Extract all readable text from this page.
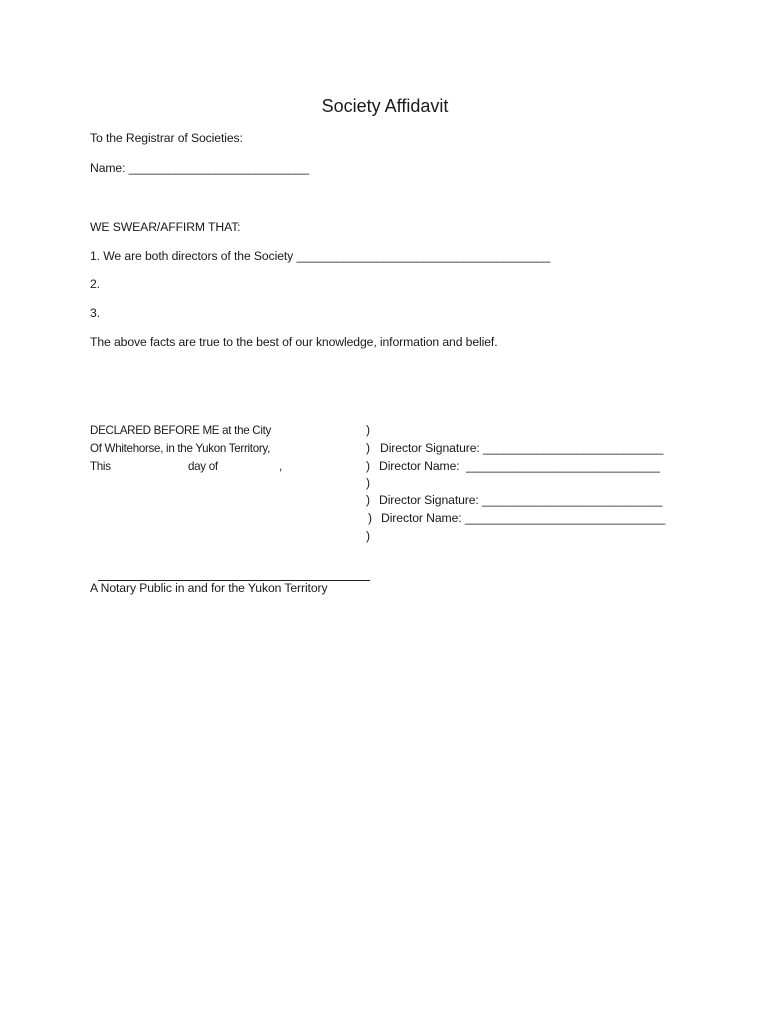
Society Affidavit
To the Registrar of Societies:
Name: ___________________________
WE SWEAR/AFFIRM THAT:
1. We are both directors of the Society ______________________________________
2.
3.
The above facts are true to the best of our knowledge, information and belief.
DECLARED BEFORE ME at the City
Of Whitehorse, in the Yukon Territory,
This	day of	,
)
)
)
)
)
)
)
Director Signature: ___________________________
Director Name:  _____________________________
Director Signature: ___________________________
Director Name: ______________________________
A Notary Public in and for the Yukon Territory
